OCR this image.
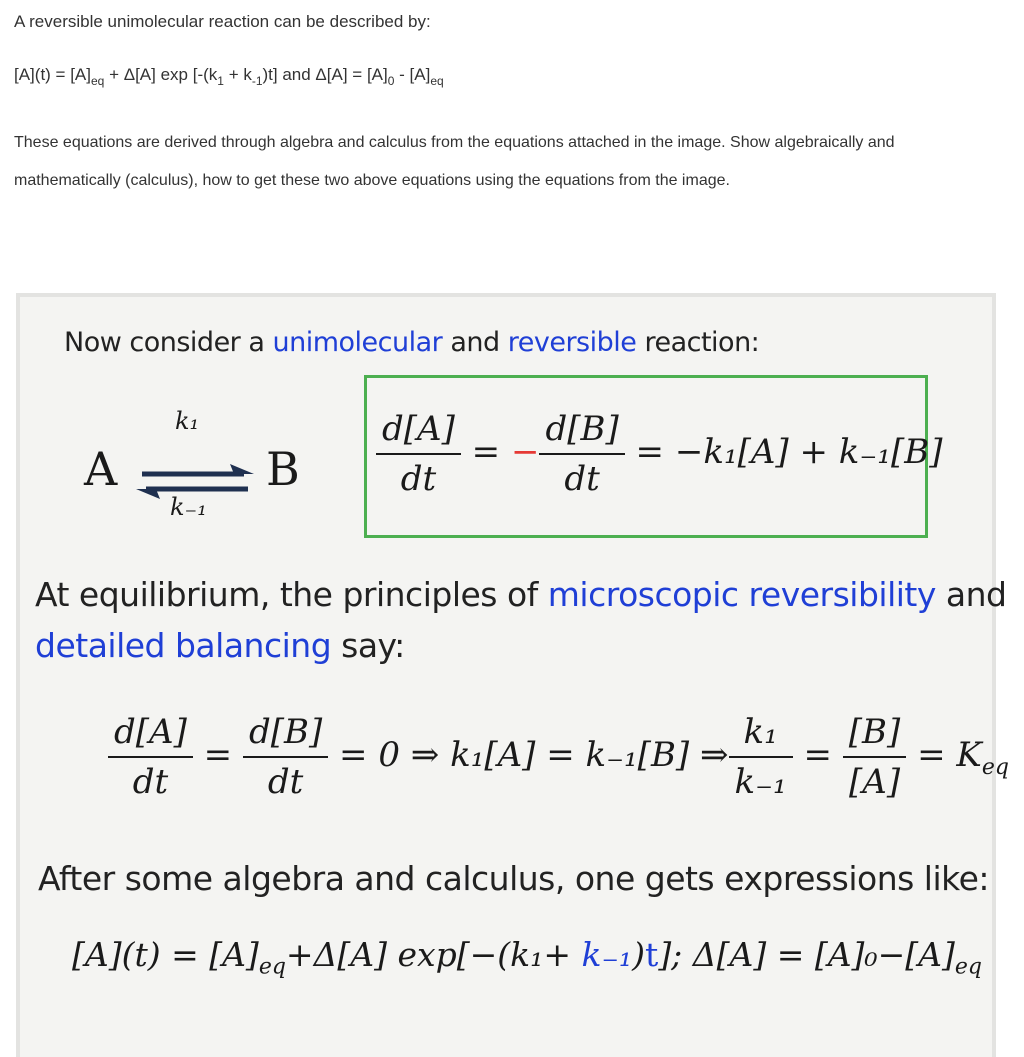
A reversible unimolecular reaction can be described by:
$[A](t) = [A]_{eq} + \Delta[A]$ $\exp [-(k_1 + k_{-1})t]$ and $\Delta[A] = [A]_0 - [A]_{eq}$
These equations are derived through algebra and calculus from the equations attached in the image. Show algebraically and
mathematically (calculus), how to get these two above equations using the equations from the image.
Now consider a unimolecular and reversible reaction:
A
k₁
k₋₁
B $\frac{d[A]}{dt}$ = − $\frac{d[B]}{dt} = -k_1[A] + k_{-1}[B]$
At equilibrium, the principles of microscopic reversibility and
detailed balancing say:
$\frac{d[A]}{dt} = \frac{d[B]}{dt} = 0$ ⇒ k₁[A] = k₋₁[B] ⇒ $\frac{\text{k₁}}{\text{k₋₁}} = \frac{[B]}{[A]} = K_{eq}$
After some algebra and calculus, one gets expressions like:
$[A](t) = [A]_{eq}+\Delta[A]$ exp[−(k₁+ k₋₁)t]; $\Delta[A] = [A]_0-[A]_{eq}$
